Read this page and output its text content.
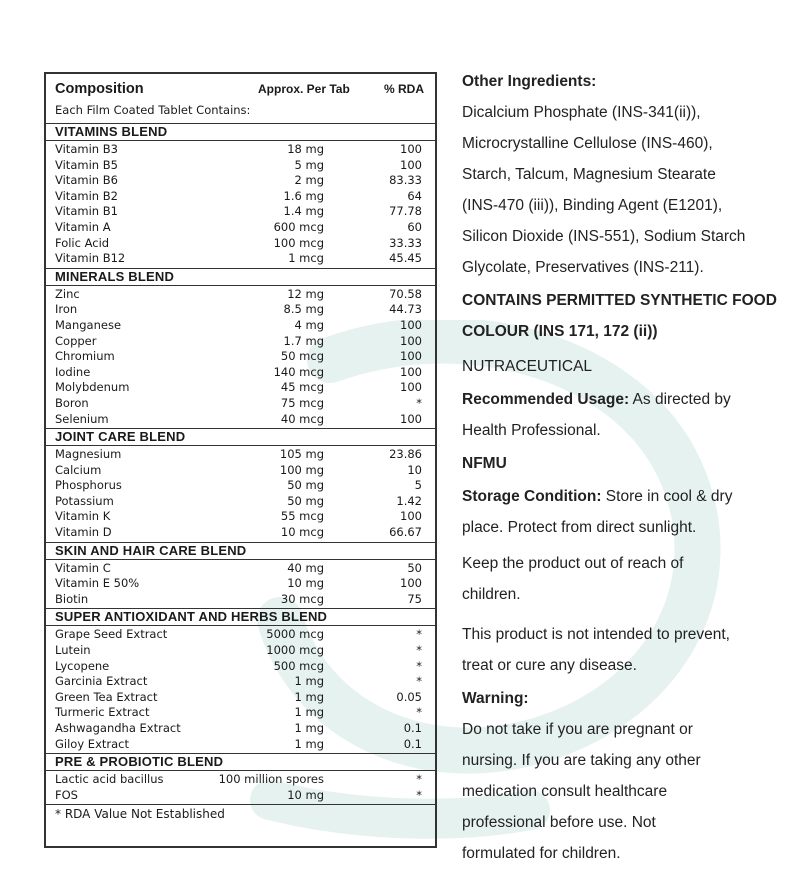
Composition
Each Film Coated Tablet Contains:
Approx. Per Tab	% RDA
VITAMINS BLEND
Vitamin B3	18 mg	100
Vitamin B5	5 mg	100
Vitamin B6	2 mg	83.33
Vitamin B2	1.6 mg	64
Vitamin B1	1.4 mg	77.78
Vitamin A	600 mcg	60
Folic Acid	100 mcg	33.33
Vitamin B12	1 mcg	45.45
MINERALS BLEND
Zinc	12 mg	70.58
Iron	8.5 mg	44.73
Manganese	4 mg	100
Copper	1.7 mg	100
Chromium	50 mcg	100
Iodine	140 mcg	100
Molybdenum	45 mcg	100
Boron	75 mcg	*
Selenium	40 mcg	100
JOINT CARE BLEND
Magnesium	105 mg	23.86
Calcium	100 mg	10
Phosphorus	50 mg	5
Potassium	50 mg	1.42
Vitamin K	55 mcg	100
Vitamin D	10 mcg	66.67
SKIN AND HAIR CARE BLEND
Vitamin C	40 mg	50
Vitamin E 50%	10 mg	100
Biotin	30 mcg	75
SUPER ANTIOXIDANT AND HERBS BLEND
Grape Seed Extract	5000 mcg	*
Lutein	1000 mcg	*
Lycopene	500 mcg	*
Garcinia Extract	1 mg	*
Green Tea Extract	1 mg	0.05
Turmeric Extract	1 mg	*
Ashwagandha Extract	1 mg	0.1
Giloy Extract	1 mg	0.1
PRE & PROBIOTIC BLEND
Lactic acid bacillus	100 million spores	*
FOS	10 mg	*
* RDA Value Not Established

Other Ingredients:

Dicalcium Phosphate (INS-341(ii)),

Microcrystalline Cellulose (INS-460),

Starch, Talcum, Magnesium Stearate

(INS-470 (iii)), Binding Agent (E1201),

Silicon Dioxide (INS-551), Sodium Starch

Glycolate, Preservatives (INS-211).

CONTAINS PERMITTED SYNTHETIC FOOD

COLOUR (INS 171, 172 (ii))

NUTRACEUTICAL

Recommended Usage: As directed by

Health Professional.

NFMU

Storage Condition: Store in cool & dry

place. Protect from direct sunlight.

Keep the product out of reach of

children.

This product is not intended to prevent,

treat or cure any disease.

Warning:

Do not take if you are pregnant or

nursing. If you are taking any other

medication consult healthcare

professional before use. Not

formulated for children.
